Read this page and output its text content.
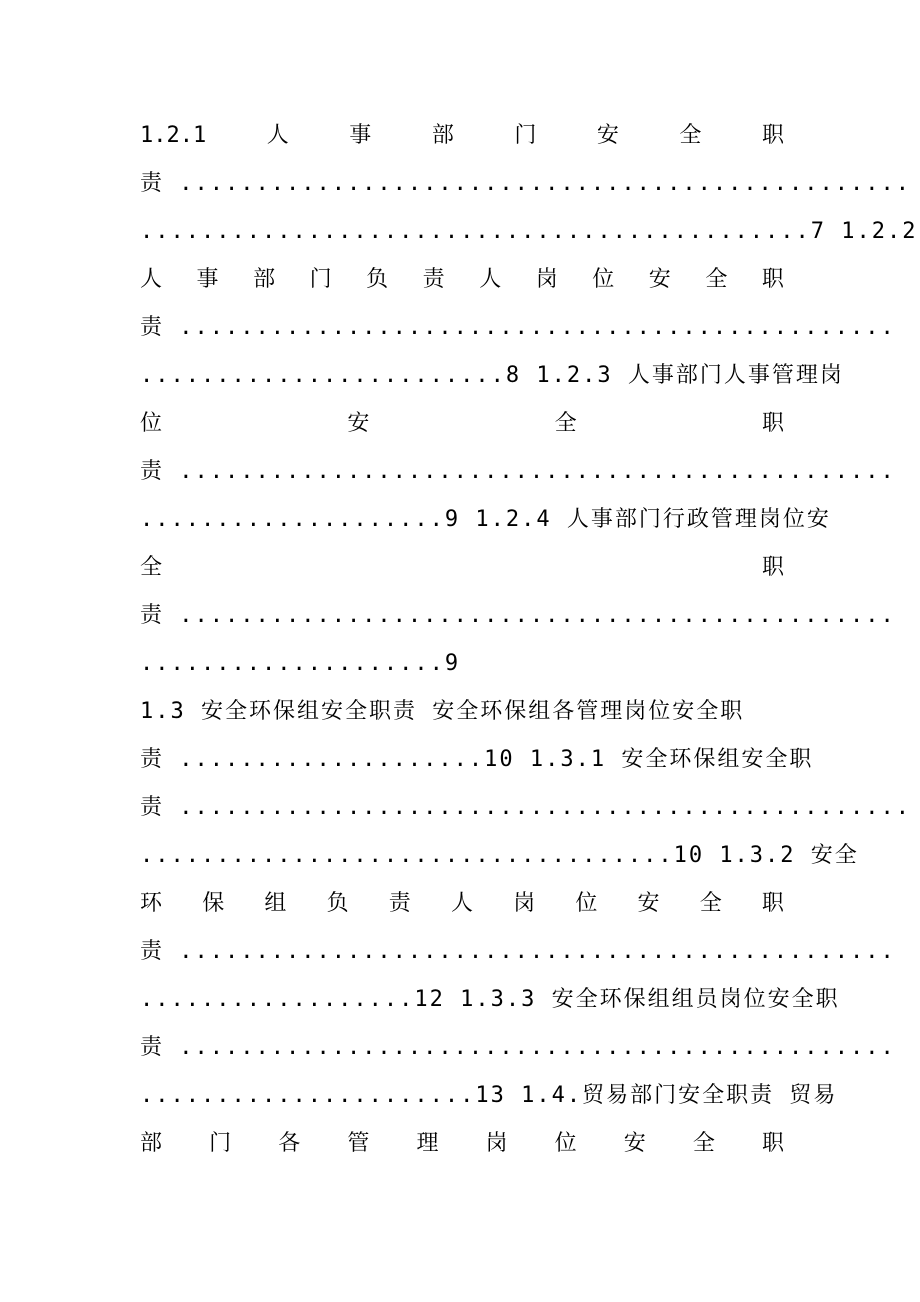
1.2.1	人	事	部	门	安	全	职
责 ................................................
............................................7 1.2.2
人 事 部 门 负 责 人 岗 位 安 全 职
责 ...............................................
........................8 1.2.3 人事部门人事管理岗
位	安	全	职
责 ...............................................
....................9 1.2.4 人事部门行政管理岗位安
全	职
责 ...............................................
....................9
1.3 安全环保组安全职责 安全环保组各管理岗位安全职
责 ....................10 1.3.1 安全环保组安全职
责 ................................................
...................................10 1.3.2 安全
环 保 组 负 责 人 岗 位 安 全 职
责 ...............................................
..................12 1.3.3 安全环保组组员岗位安全职
责 ...............................................
......................13 1.4.贸易部门安全职责 贸易
部 门 各 管 理 岗 位 安 全 职
